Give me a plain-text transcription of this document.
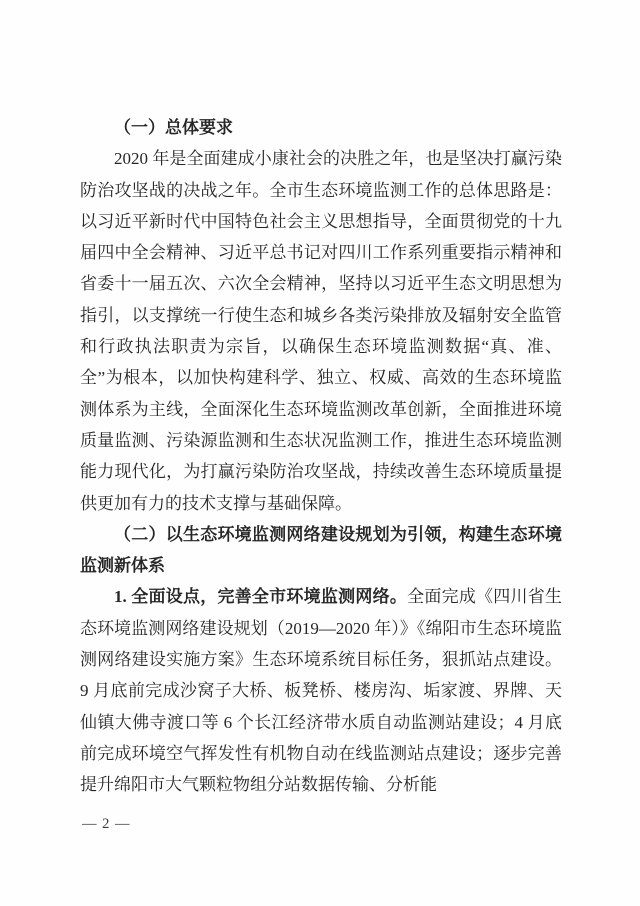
（一）总体要求

2020 年是全面建成小康社会的决胜之年，也是坚决打赢污染防治攻坚战的决战之年。全市生态环境监测工作的总体思路是：以习近平新时代中国特色社会主义思想指导，全面贯彻党的十九届四中全会精神、习近平总书记对四川工作系列重要指示精神和省委十一届五次、六次全会精神，坚持以习近平生态文明思想为指引，以支撑统一行使生态和城乡各类污染排放及辐射安全监管和行政执法职责为宗旨，以确保生态环境监测数据“真、准、全”为根本，以加快构建科学、独立、权威、高效的生态环境监测体系为主线，全面深化生态环境监测改革创新，全面推进环境质量监测、污染源监测和生态状况监测工作，推进生态环境监测能力现代化，为打赢污染防治攻坚战，持续改善生态环境质量提供更加有力的技术支撑与基础保障。

（二）以生态环境监测网络建设规划为引领，构建生态环境监测新体系

1. 全面设点，完善全市环境监测网络。全面完成《四川省生态环境监测网络建设规划（2019—2020 年）》《绵阳市生态环境监测网络建设实施方案》生态环境系统目标任务，狠抓站点建设。9 月底前完成沙窝子大桥、板凳桥、楼房沟、垢家渡、界牌、天仙镇大佛寺渡口等 6 个长江经济带水质自动监测站建设；4 月底前完成环境空气挥发性有机物自动在线监测站点建设；逐步完善提升绵阳市大气颗粒物组分站数据传输、分析能

— 2 —
